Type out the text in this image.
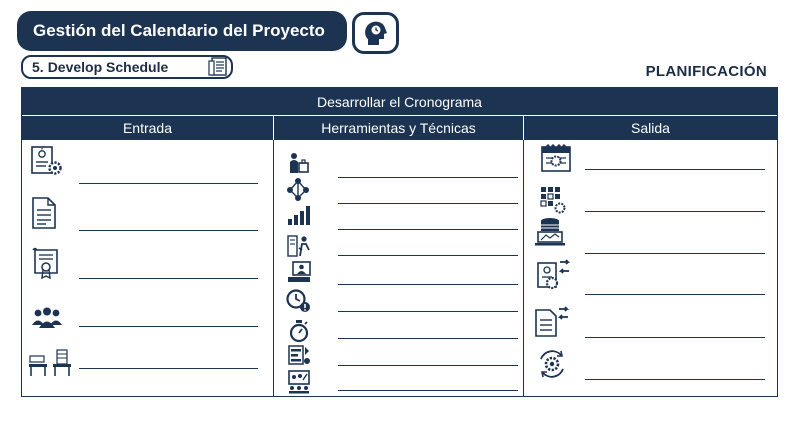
Gestión del Calendario del Proyecto
5. Develop Schedule	PLANIFICACIÓN
Desarrollar el Cronograma
Entrada	Herramientas y Técnicas	Salida
